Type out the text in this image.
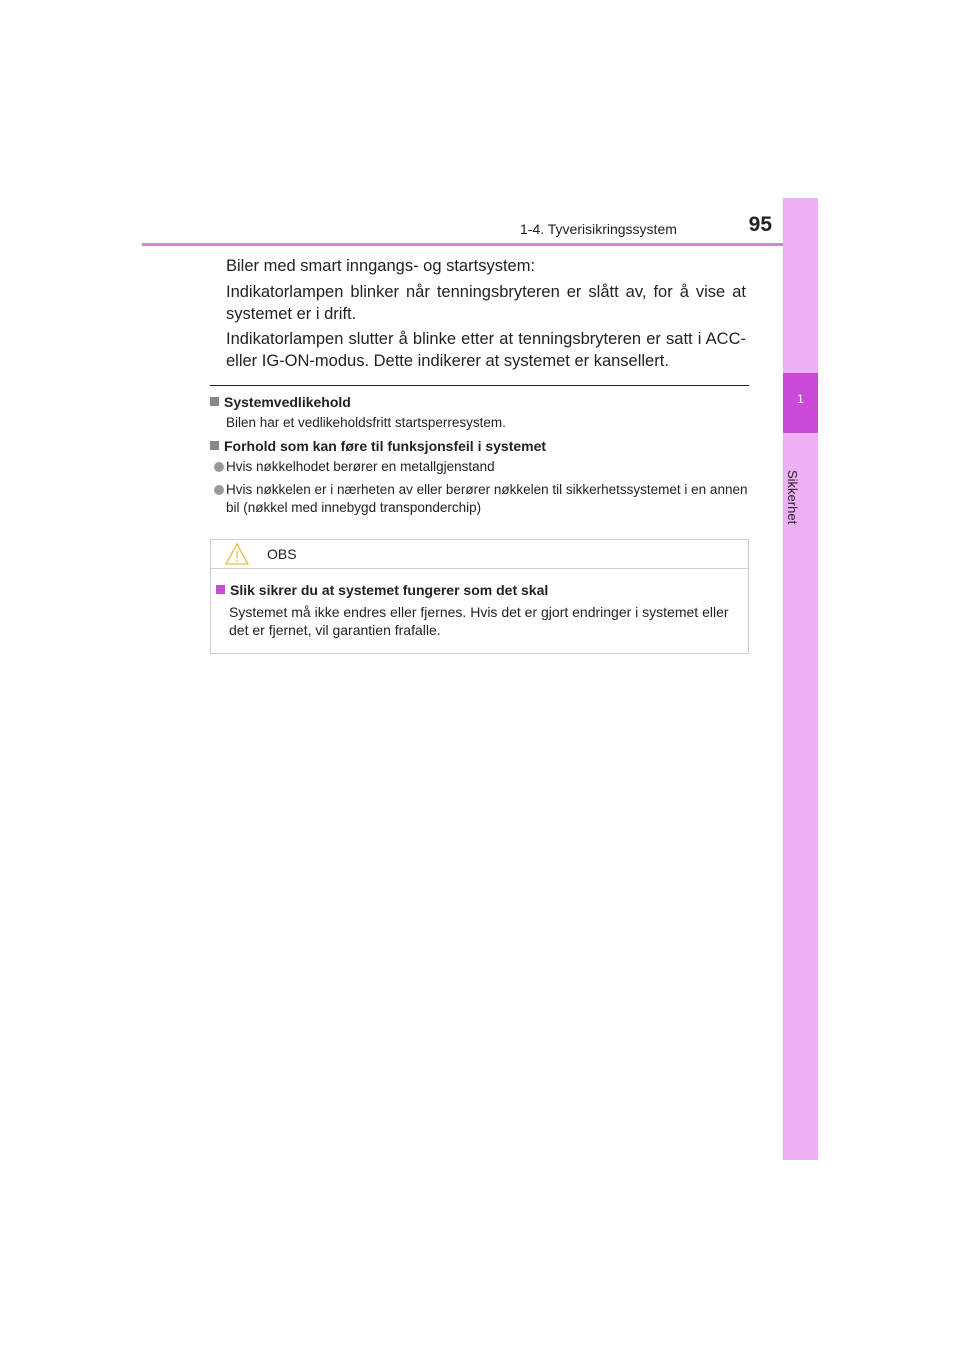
1-4. Tyverisikringssystem	95
1
Sikkerhet

Biler med smart inngangs- og startsystem:

Indikatorlampen blinker når tenningsbryteren er slått av, for å vise at systemet er i drift.

Indikatorlampen slutter å blinke etter at tenningsbryteren er satt i ACC- eller IG-ON-modus. Dette indikerer at systemet er kansellert.

Systemvedlikehold

Bilen har et vedlikeholdsfritt startsperresystem.

Forhold som kan føre til funksjonsfeil i systemet

Hvis nøkkelhodet berører en metallgjenstand
Hvis nøkkelen er i nærheten av eller berører nøkkelen til sikkerhetssystemet i en annen bil (nøkkel med innebygd transponderchip)
OBS

Slik sikrer du at systemet fungerer som det skal

Systemet må ikke endres eller fjernes. Hvis det er gjort endringer i systemet eller det er fjernet, vil garantien frafalle.
